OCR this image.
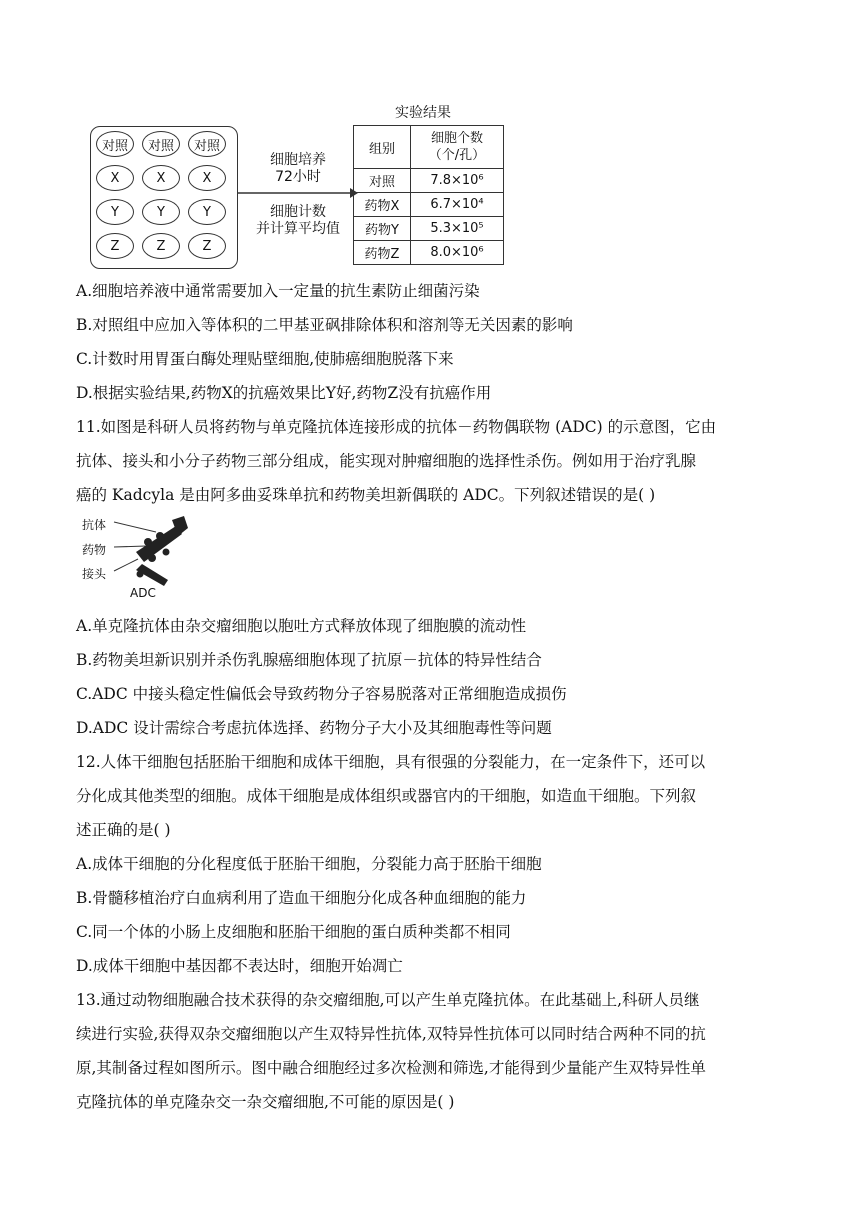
对照	对照	对照
X	X	X
Y	Y	Y
Z	Z	Z
细胞培养
72小时
细胞计数
并计算平均值
实验结果
组别	细胞个数
（个/孔）
对照	7.8×10⁶
药物X	6.7×10⁴
药物Y	5.3×10⁵
药物Z	8.0×10⁶
A.细胞培养液中通常需要加入一定量的抗生素防止细菌污染
B.对照组中应加入等体积的二甲基亚砜排除体积和溶剂等无关因素的影响
C.计数时用胃蛋白酶处理贴壁细胞,使肺癌细胞脱落下来
D.根据实验结果,药物X的抗癌效果比Y好,药物Z没有抗癌作用
11.如图是科研人员将药物与单克隆抗体连接形成的抗体－药物偶联物 (ADC) 的示意图，它由
抗体、接头和小分子药物三部分组成，能实现对肿瘤细胞的选择性杀伤。例如用于治疗乳腺
癌的 Kadcyla 是由阿多曲妥珠单抗和药物美坦新偶联的 ADC。下列叙述错误的是( )
抗体
药物
接头
ADC
A.单克隆抗体由杂交瘤细胞以胞吐方式释放体现了细胞膜的流动性
B.药物美坦新识别并杀伤乳腺癌细胞体现了抗原－抗体的特异性结合
C.ADC 中接头稳定性偏低会导致药物分子容易脱落对正常细胞造成损伤
D.ADC 设计需综合考虑抗体选择、药物分子大小及其细胞毒性等问题
12.人体干细胞包括胚胎干细胞和成体干细胞，具有很强的分裂能力，在一定条件下，还可以
分化成其他类型的细胞。成体干细胞是成体组织或器官内的干细胞，如造血干细胞。下列叙
述正确的是( )
A.成体干细胞的分化程度低于胚胎干细胞，分裂能力高于胚胎干细胞
B.骨髓移植治疗白血病利用了造血干细胞分化成各种血细胞的能力
C.同一个体的小肠上皮细胞和胚胎干细胞的蛋白质种类都不相同
D.成体干细胞中基因都不表达时，细胞开始凋亡
13.通过动物细胞融合技术获得的杂交瘤细胞,可以产生单克隆抗体。在此基础上,科研人员继
续进行实验,获得双杂交瘤细胞以产生双特异性抗体,双特异性抗体可以同时结合两种不同的抗
原,其制备过程如图所示。图中融合细胞经过多次检测和筛选,才能得到少量能产生双特异性单
克隆抗体的单克隆杂交一杂交瘤细胞,不可能的原因是( )
